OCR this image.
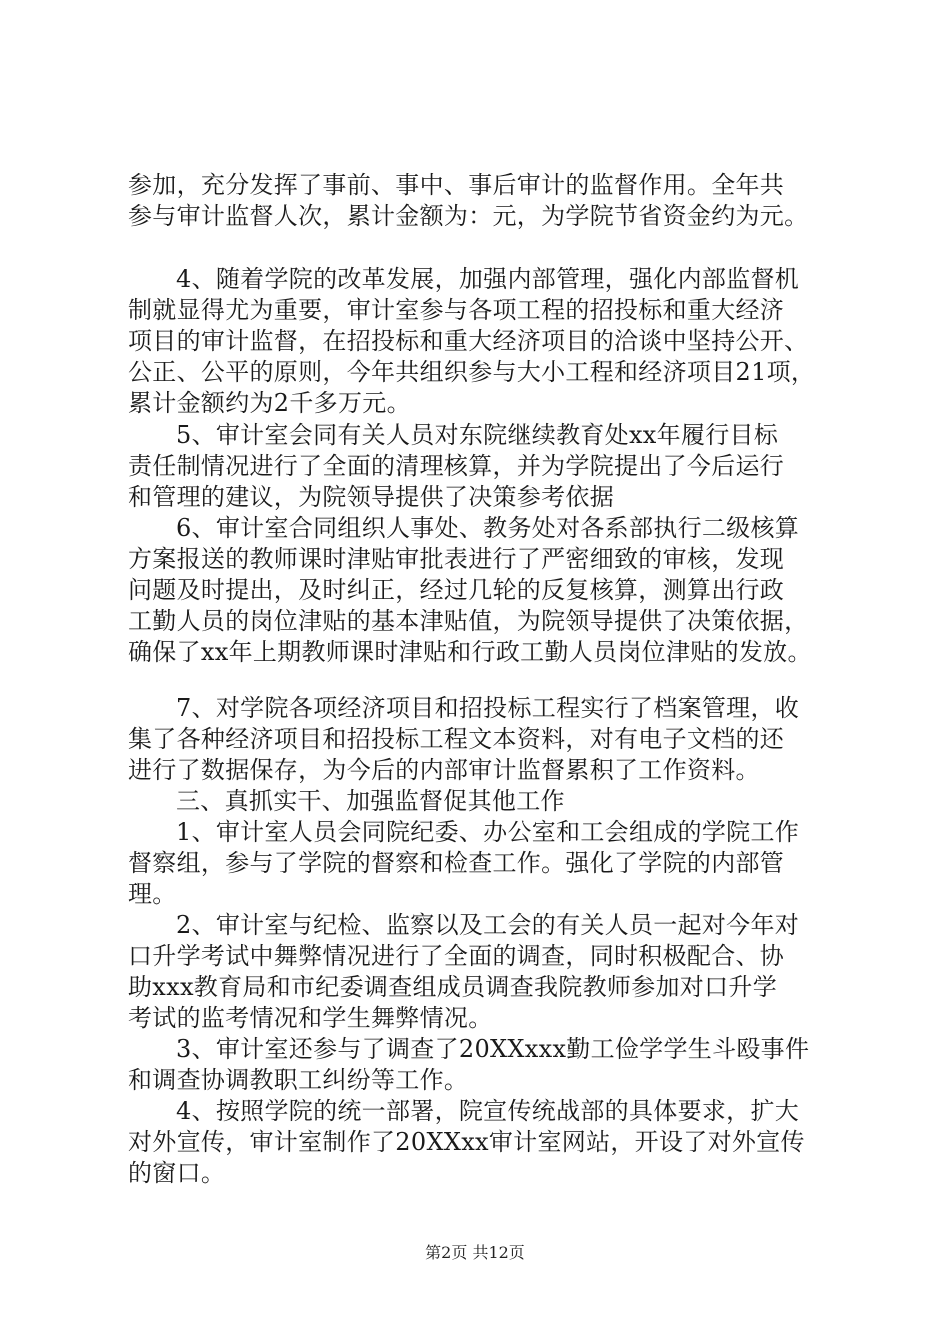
参加，充分发挥了事前、事中、事后审计的监督作用。全年共
参与审计监督人次，累计金额为：元，为学院节省资金约为元。
4、随着学院的改革发展，加强内部管理，强化内部监督机
制就显得尤为重要，审计室参与各项工程的招投标和重大经济
项目的审计监督，在招投标和重大经济项目的洽谈中坚持公开、
公正、公平的原则，今年共组织参与大小工程和经济项目21项，
累计金额约为2千多万元。
5、审计室会同有关人员对东院继续教育处xx年履行目标
责任制情况进行了全面的清理核算，并为学院提出了今后运行
和管理的建议，为院领导提供了决策参考依据
6、审计室合同组织人事处、教务处对各系部执行二级核算
方案报送的教师课时津贴审批表进行了严密细致的审核，发现
问题及时提出，及时纠正，经过几轮的反复核算，测算出行政
工勤人员的岗位津贴的基本津贴值，为院领导提供了决策依据，
确保了xx年上期教师课时津贴和行政工勤人员岗位津贴的发放。
7、对学院各项经济项目和招投标工程实行了档案管理，收
集了各种经济项目和招投标工程文本资料，对有电子文档的还
进行了数据保存，为今后的内部审计监督累积了工作资料。
三、真抓实干、加强监督促其他工作
1、审计室人员会同院纪委、办公室和工会组成的学院工作
督察组，参与了学院的督察和检查工作。强化了学院的内部管
理。
2、审计室与纪检、监察以及工会的有关人员一起对今年对
口升学考试中舞弊情况进行了全面的调查，同时积极配合、协
助xxx教育局和市纪委调查组成员调查我院教师参加对口升学
考试的监考情况和学生舞弊情况。
3、审计室还参与了调查了20XXxxx勤工俭学学生斗殴事件
和调查协调教职工纠纷等工作。
4、按照学院的统一部署，院宣传统战部的具体要求，扩大
对外宣传，审计室制作了20XXxx审计室网站，开设了对外宣传
的窗口。
第2页 共12页
